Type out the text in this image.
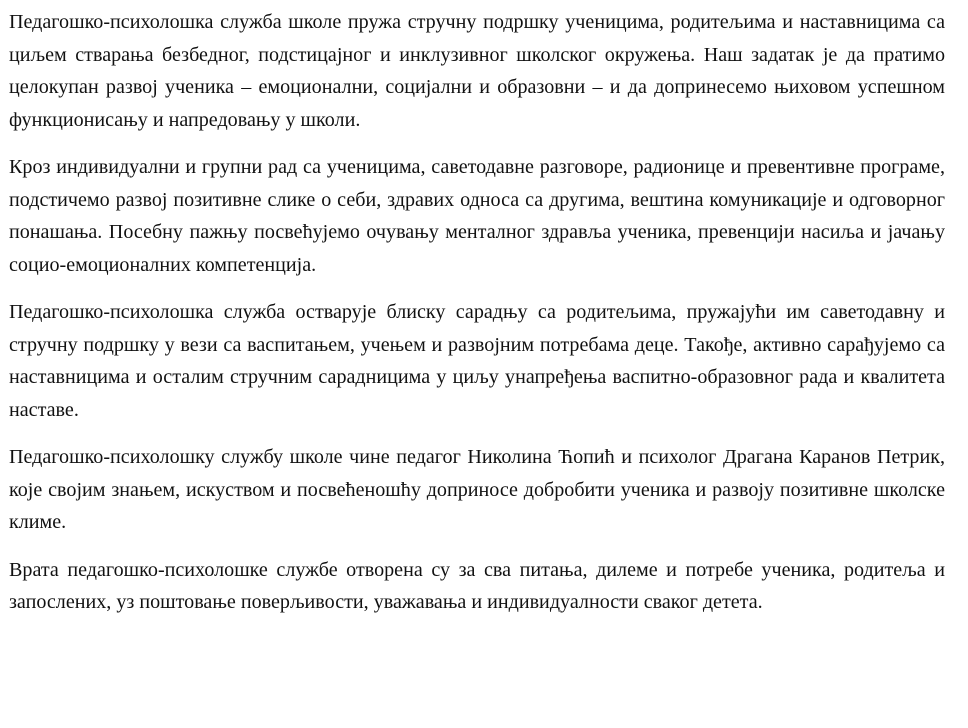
Педагошко-психолошка служба школе пружа стручну подршку ученицима, родитељима и наставницима са циљем стварања безбедног, подстицајног и инклузивног школског окружења. Наш задатак је да пратимо целокупан развој ученика – емоционални, социјални и образовни – и да допринесемо њиховом успешном функционисању и напредовању у школи.

Кроз индивидуални и групни рад са ученицима, саветодавне разговоре, радионице и превентивне програме, подстичемо развој позитивне слике о себи, здравих односа са другима, вештина комуникације и одговорног понашања. Посебну пажњу посвећујемо очувању менталног здравља ученика, превенцији насиља и јачању социо-емоционалних компетенција.

Педагошко-психолошка служба остварује блиску сарадњу са родитељима, пружајући им саветодавну и стручну подршку у вези са васпитањем, учењем и развојним потребама деце. Такође, активно сарађујемо са наставницима и осталим стручним сарадницима у циљу унапређења васпитно-образовног рада и квалитета наставе.

Педагошко-психолошку службу школе чине педагог Николина Ћопић и психолог Драгана Каранов Петрик, које својим знањем, искуством и посвећеношћу доприносе добробити ученика и развоју позитивне школске климе.

Врата педагошко-психолошке службе отворена су за сва питања, дилеме и потребе ученика, родитеља и запослених, уз поштовање поверљивости, уважавања и индивидуалности сваког детета.
